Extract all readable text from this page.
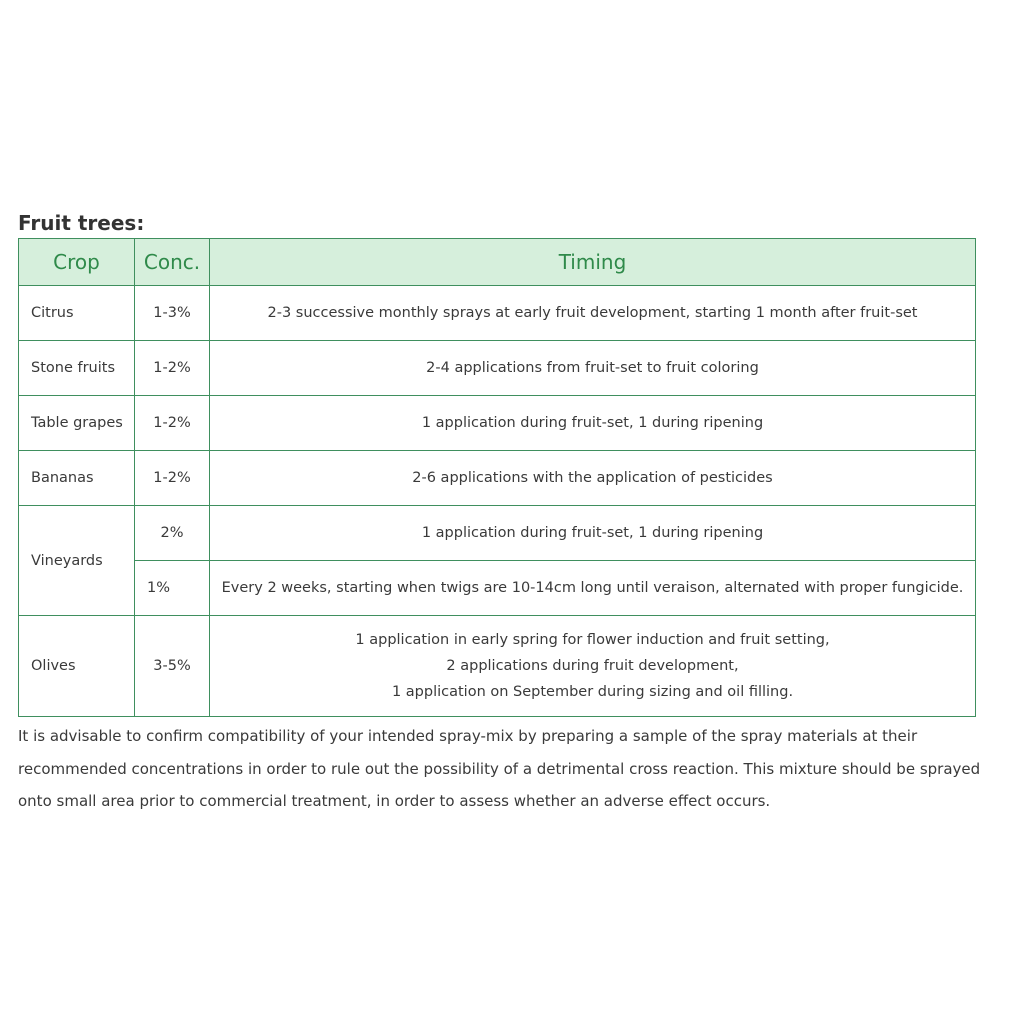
Fruit trees:
Crop	Conc.	Timing
Citrus	1-3%	2-3 successive monthly sprays at early fruit development, starting 1 month after fruit-set
Stone fruits	1-2%	2-4 applications from fruit-set to fruit coloring
Table grapes	1-2%	1 application during fruit-set, 1 during ripening
Bananas	1-2%	2-6 applications with the application of pesticides
Vineyards	2%	1 application during fruit-set, 1 during ripening
	1%	Every 2 weeks, starting when twigs are 10-14cm long until veraison, alternated with proper fungicide.
Olives	3-5%	1 application in early spring for flower induction and fruit setting,
2 applications during fruit development,
1 application on September during sizing and oil filling.

It is advisable to confirm compatibility of your intended spray-mix by preparing a sample of the spray materials at their recommended concentrations in order to rule out the possibility of a detrimental cross reaction. This mixture should be sprayed onto small area prior to commercial treatment, in order to assess whether an adverse effect occurs.
